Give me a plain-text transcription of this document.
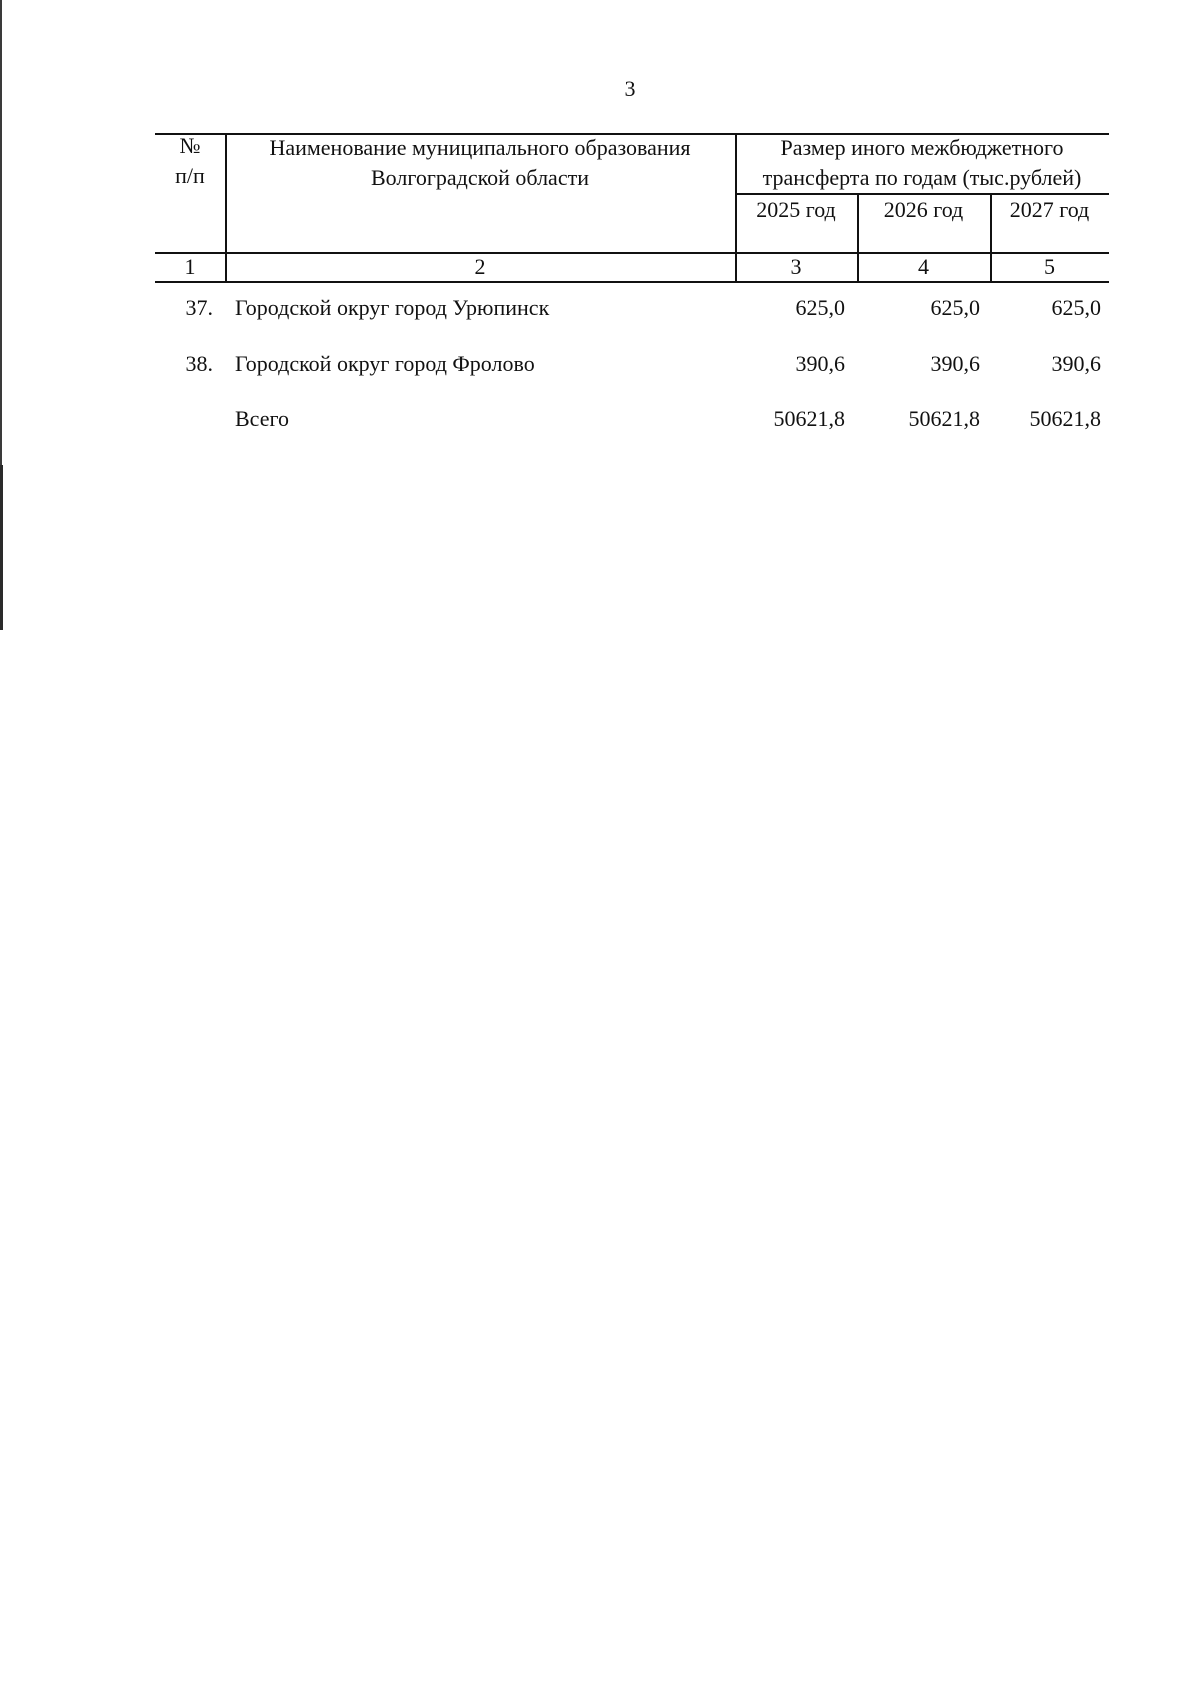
3
№
п/п
Наименование муниципального образования
Волгоградской области
Размер иного межбюджетного
трансферта по годам (тыс.рублей)
2025 год	2026 год	2027 год
1	2	3	4	5
37. Городской округ город Урюпинск	625,0	625,0	625,0
38. Городской округ город Фролово	390,6	390,6	390,6
Всего	50621,8	50621,8	50621,8
